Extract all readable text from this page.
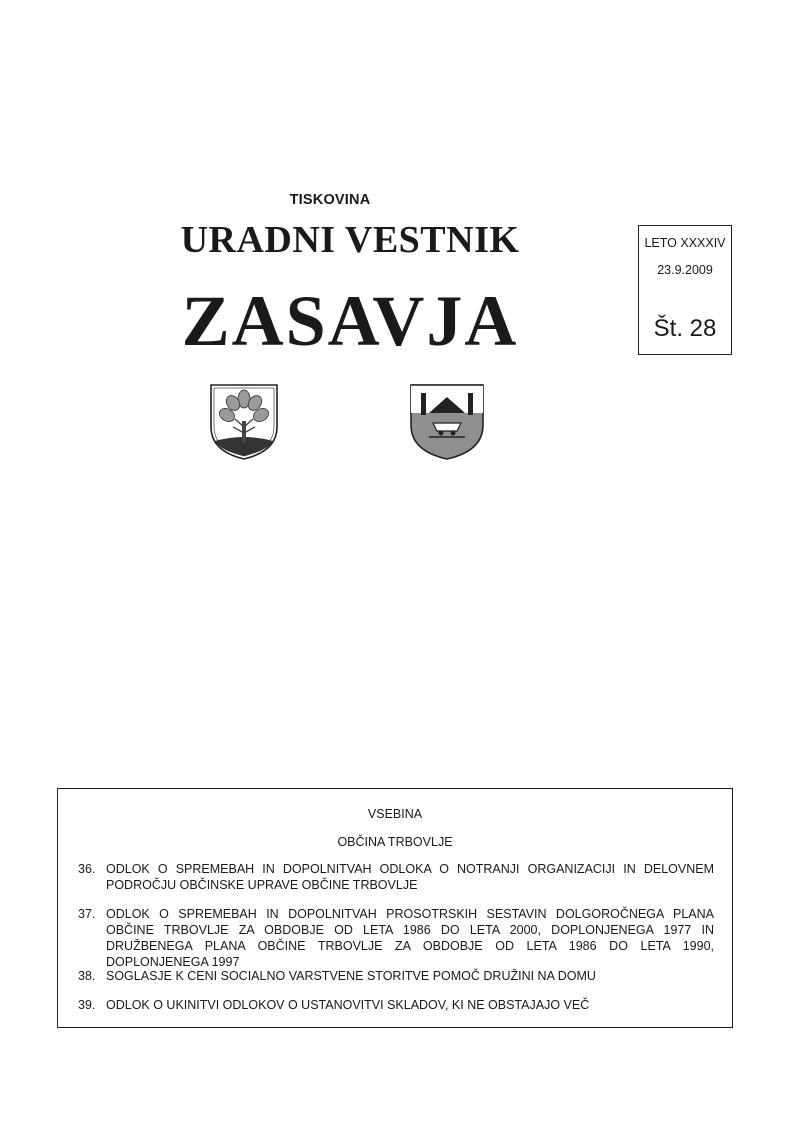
TISKOVINA
URADNI VESTNIK
ZASAVJA
LETO XXXXIV
23.9.2009
Št. 28
VSEBINA
OBČINA TRBOVLJE
36. ODLOK O SPREMEBAH IN DOPOLNITVAH ODLOKA O NOTRANJI ORGANIZACIJI IN DELOVNEM PODROČJU OBČINSKE UPRAVE OBČINE TRBOVLJE
37. ODLOK O SPREMEBAH IN DOPOLNITVAH PROSOTRSKIH SESTAVIN DOLGOROČNEGA PLANA OBČINE TRBOVLJE ZA OBDOBJE OD LETA 1986 DO LETA 2000, DOPLONJENEGA 1977 IN DRUŽBENEGA PLANA OBČINE TRBOVLJE ZA OBDOBJE OD LETA 1986 DO LETA 1990, DOPLONJENEGA 1997
38. SOGLASJE K CENI SOCIALNO VARSTVENE STORITVE POMOČ DRUŽINI NA DOMU
39. ODLOK O UKINITVI ODLOKOV O USTANOVITVI SKLADOV, KI NE OBSTAJAJO VEČ
